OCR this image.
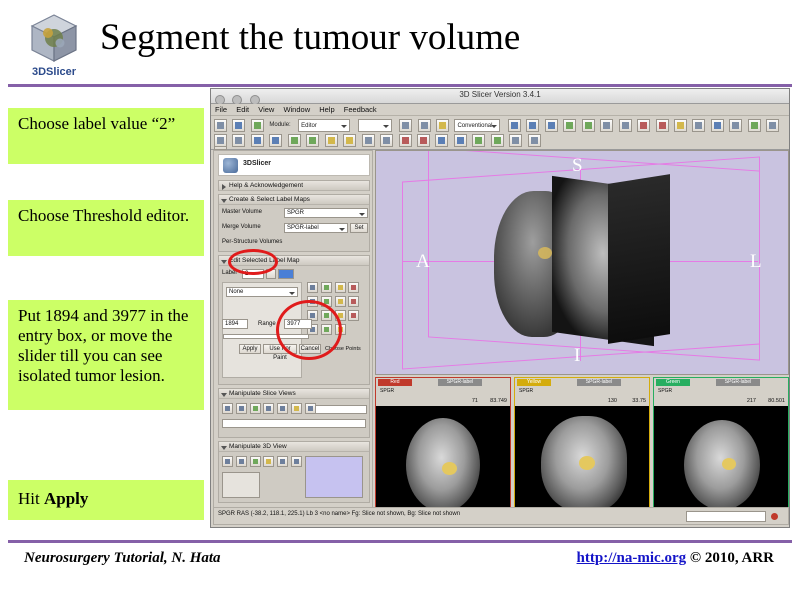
3DSlicer
Segment the tumour volume
Choose label value “2”
Choose Threshold editor.
Put 1894 and 3977 in the entry box, or move the slider till you can see isolated tumor lesion.
Hit Apply

3D Slicer Version 3.4.1
File Edit View Window Help Feedback
Module: Editor	Conventional

3DSlicer
Help & Acknowledgement
Create & Select Label Maps
Master Volume	SPGR
Merge Volume	SPGR-label	Set
Per-Structure Volumes
Edit Selected Label Map
Label	2

None
1894	Range	3977
Apply	Use For Paint
Cancel	Choose Points
Manipulate Slice Views

Manipulate 3D View

S
A	L
I
Red	SPGR-label
SPGR
71 83.749
Yellow	SPGR-label
SPGR
130	33.75
Green	SPGR-label
SPGR
217 80.501
SPGR RAS (-38.2, 118.1, 225.1) Lb 3 <no name> Fg: Slice not shown, Bg: Slice not shown
Neurosurgery Tutorial, N. Hata	http://na-mic.org © 2010, ARR
